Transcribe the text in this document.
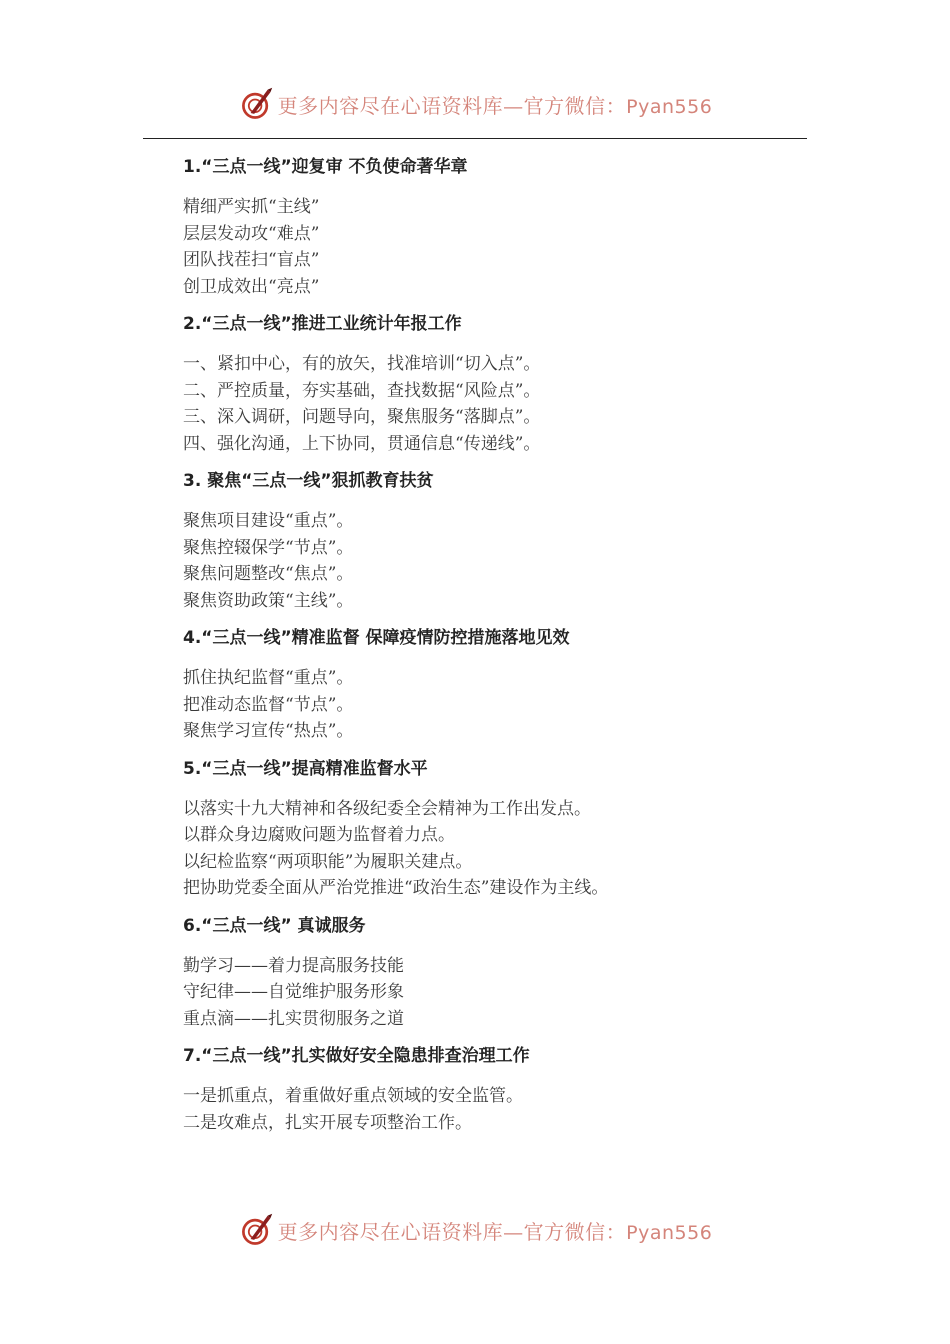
更多内容尽在心语资料库—官方微信：Pyan556
1.“三点一线”迎复审 不负使命著华章
精细严实抓“主线”
层层发动攻“难点”
团队找茬扫“盲点”
创卫成效出“亮点”
2.“三点一线”推进工业统计年报工作
一、紧扣中心，有的放矢，找准培训“切入点”。
二、严控质量，夯实基础，查找数据“风险点”。
三、深入调研，问题导向，聚焦服务“落脚点”。
四、强化沟通，上下协同，贯通信息“传递线”。
3. 聚焦“三点一线”狠抓教育扶贫
聚焦项目建设“重点”。
聚焦控辍保学“节点”。
聚焦问题整改“焦点”。
聚焦资助政策“主线”。
4.“三点一线”精准监督 保障疫情防控措施落地见效
抓住执纪监督“重点”。
把准动态监督“节点”。
聚焦学习宣传“热点”。
5.“三点一线”提高精准监督水平
以落实十九大精神和各级纪委全会精神为工作出发点。
以群众身边腐败问题为监督着力点。
以纪检监察“两项职能”为履职关建点。
把协助党委全面从严治党推进“政治生态”建设作为主线。
6.“三点一线” 真诚服务
勤学习——着力提高服务技能
守纪律——自觉维护服务形象
重点滴——扎实贯彻服务之道
7.“三点一线”扎实做好安全隐患排查治理工作
一是抓重点，着重做好重点领域的安全监管。
二是攻难点，扎实开展专项整治工作。
更多内容尽在心语资料库—官方微信：Pyan556
